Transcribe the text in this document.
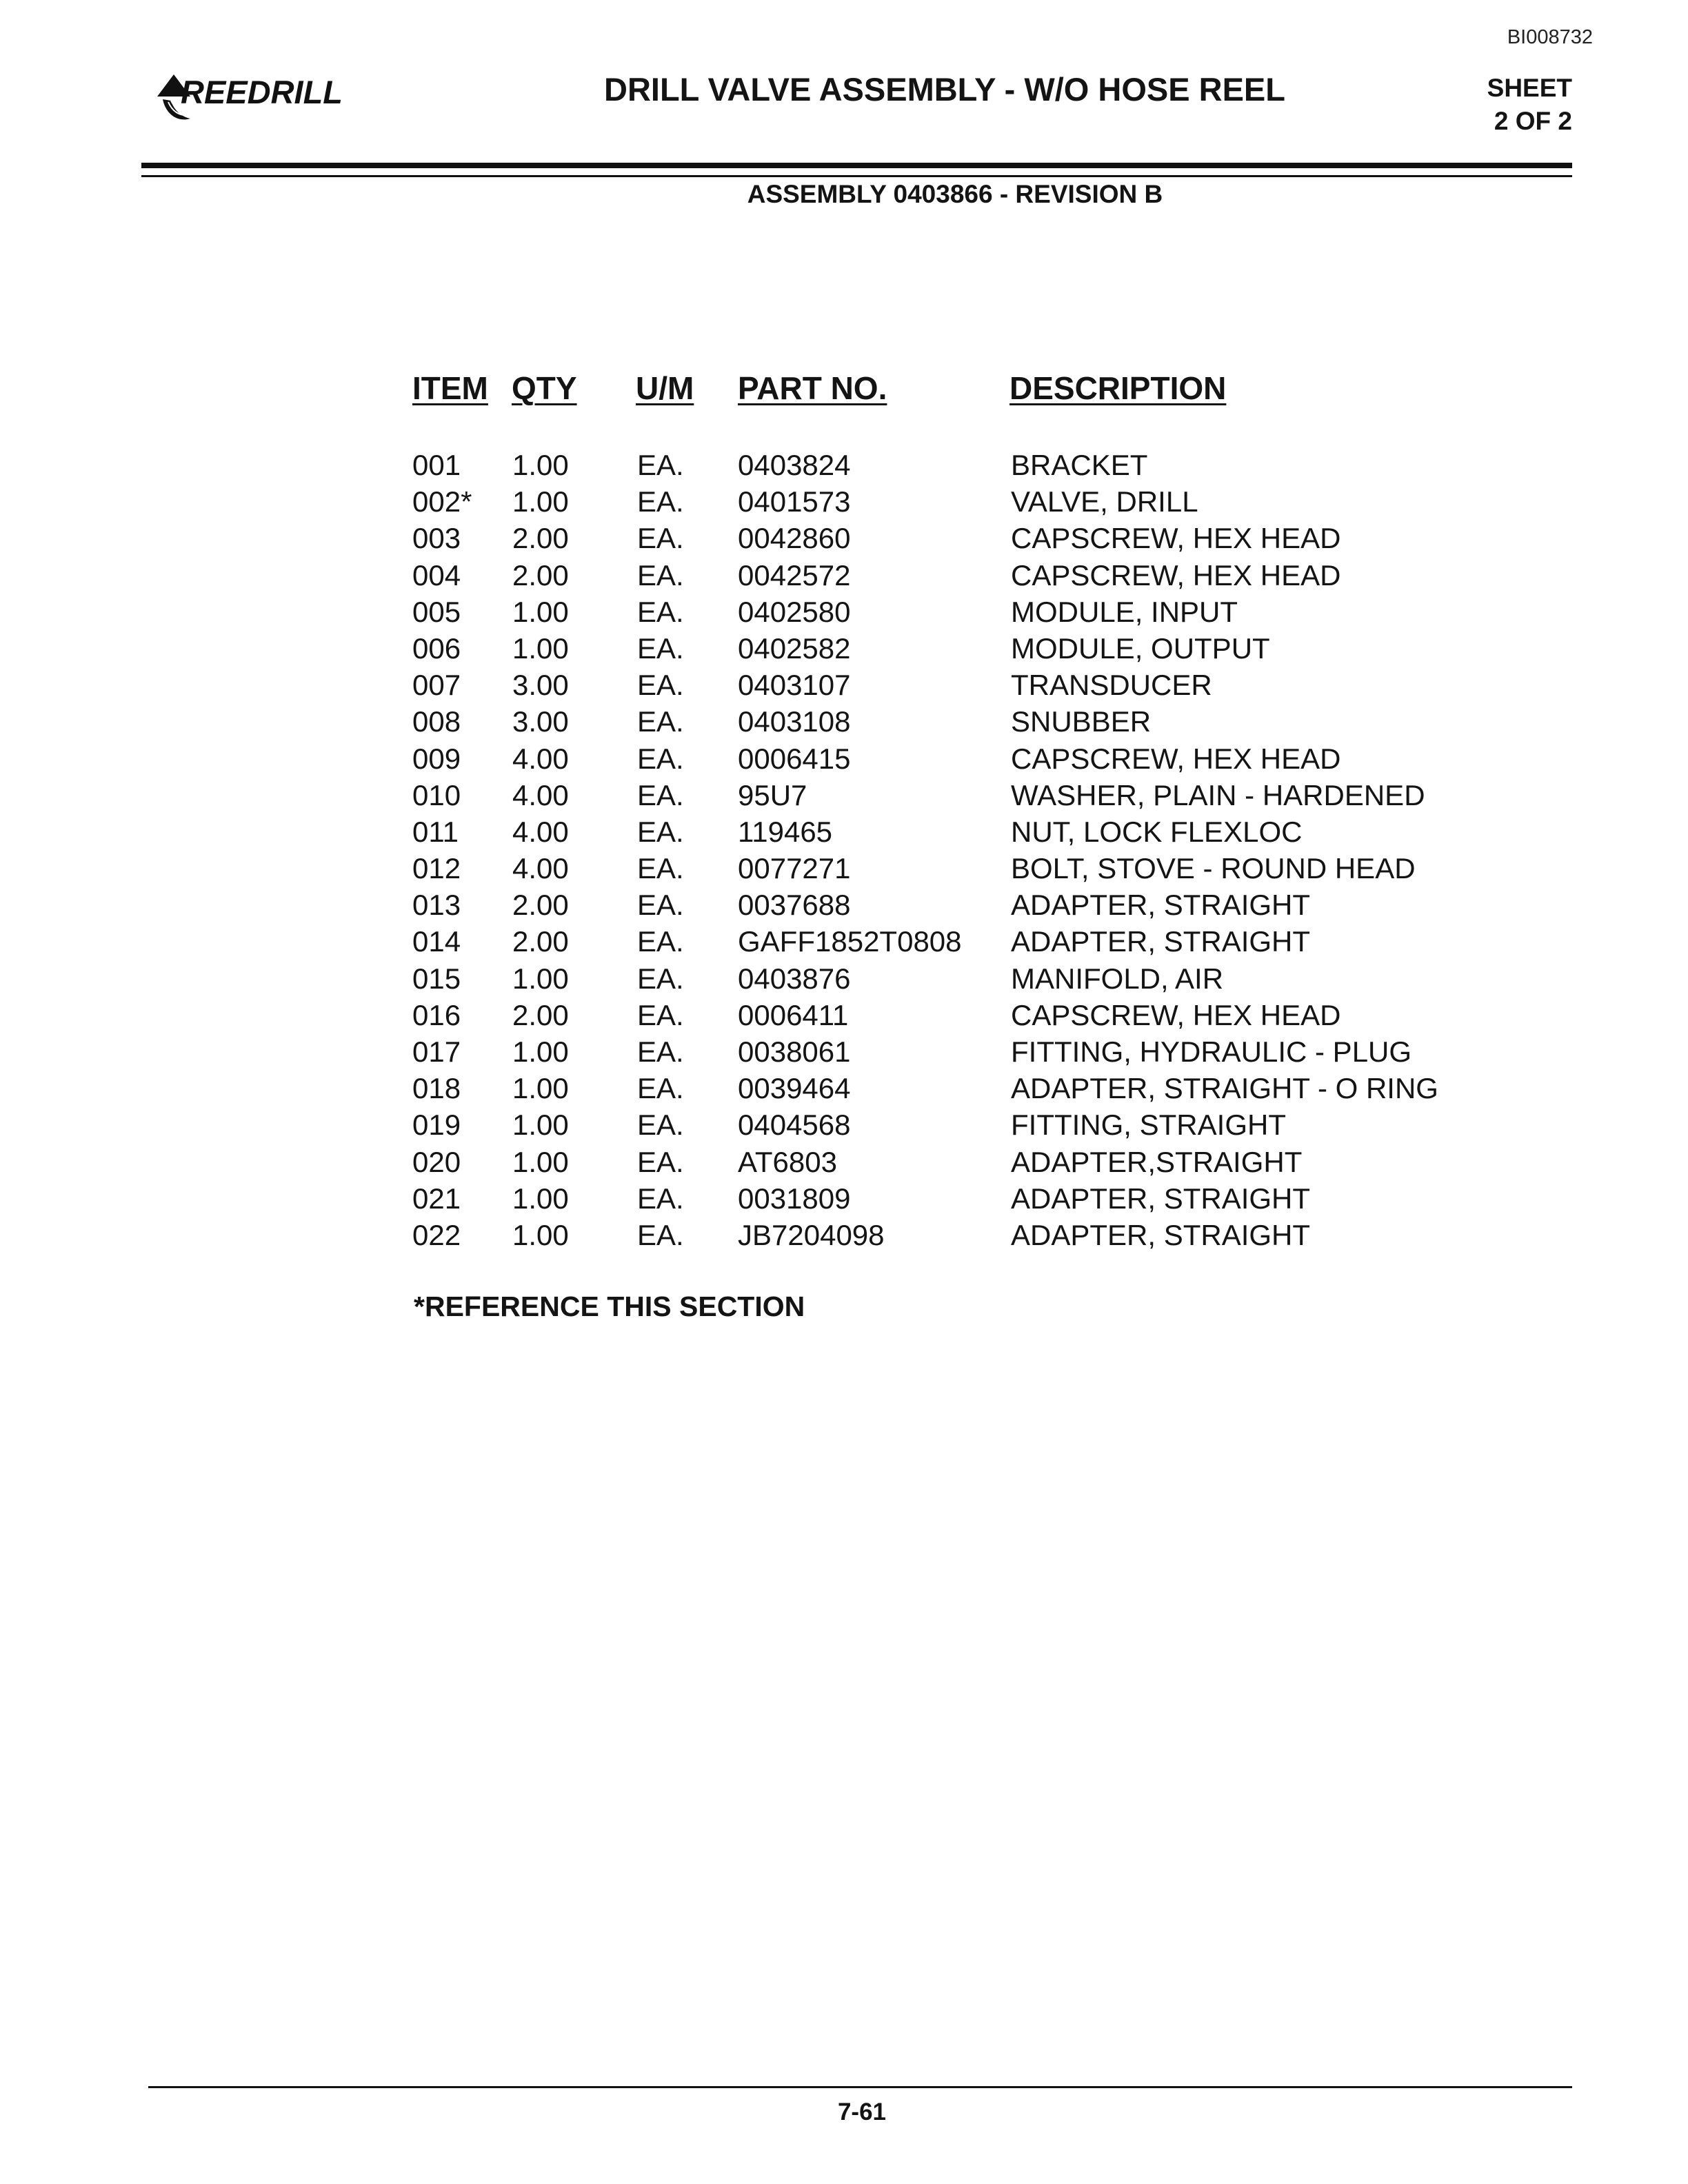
BI008732
REEDRILL	DRILL VALVE ASSEMBLY - W/O HOSE REEL	SHEET
2 OF 2
ASSEMBLY 0403866 - REVISION B
ITEM QTY U/M PART NO.	DESCRIPTION
001 1.00 EA. 0403824	BRACKET
002* 1.00 EA. 0401573	VALVE, DRILL
003 2.00 EA. 0042860	CAPSCREW, HEX HEAD
004 2.00 EA. 0042572	CAPSCREW, HEX HEAD
005 1.00 EA. 0402580	MODULE, INPUT
006 1.00 EA. 0402582	MODULE, OUTPUT
007 3.00 EA. 0403107	TRANSDUCER
008 3.00 EA. 0403108	SNUBBER
009 4.00 EA. 0006415	CAPSCREW, HEX HEAD
010 4.00 EA. 95U7	WASHER, PLAIN - HARDENED
011 4.00 EA. 119465	NUT, LOCK FLEXLOC
012 4.00 EA. 0077271	BOLT, STOVE - ROUND HEAD
013 2.00 EA. 0037688	ADAPTER, STRAIGHT
014 2.00 EA. GAFF1852T0808 ADAPTER, STRAIGHT
015 1.00 EA. 0403876	MANIFOLD, AIR
016 2.00 EA. 0006411	CAPSCREW, HEX HEAD
017 1.00 EA. 0038061	FITTING, HYDRAULIC - PLUG
018 1.00 EA. 0039464	ADAPTER, STRAIGHT - O RING
019 1.00 EA. 0404568	FITTING, STRAIGHT
020 1.00 EA. AT6803	ADAPTER,STRAIGHT
021 1.00 EA. 0031809	ADAPTER, STRAIGHT
022 1.00 EA. JB7204098	ADAPTER, STRAIGHT
*REFERENCE THIS SECTION
7-61
